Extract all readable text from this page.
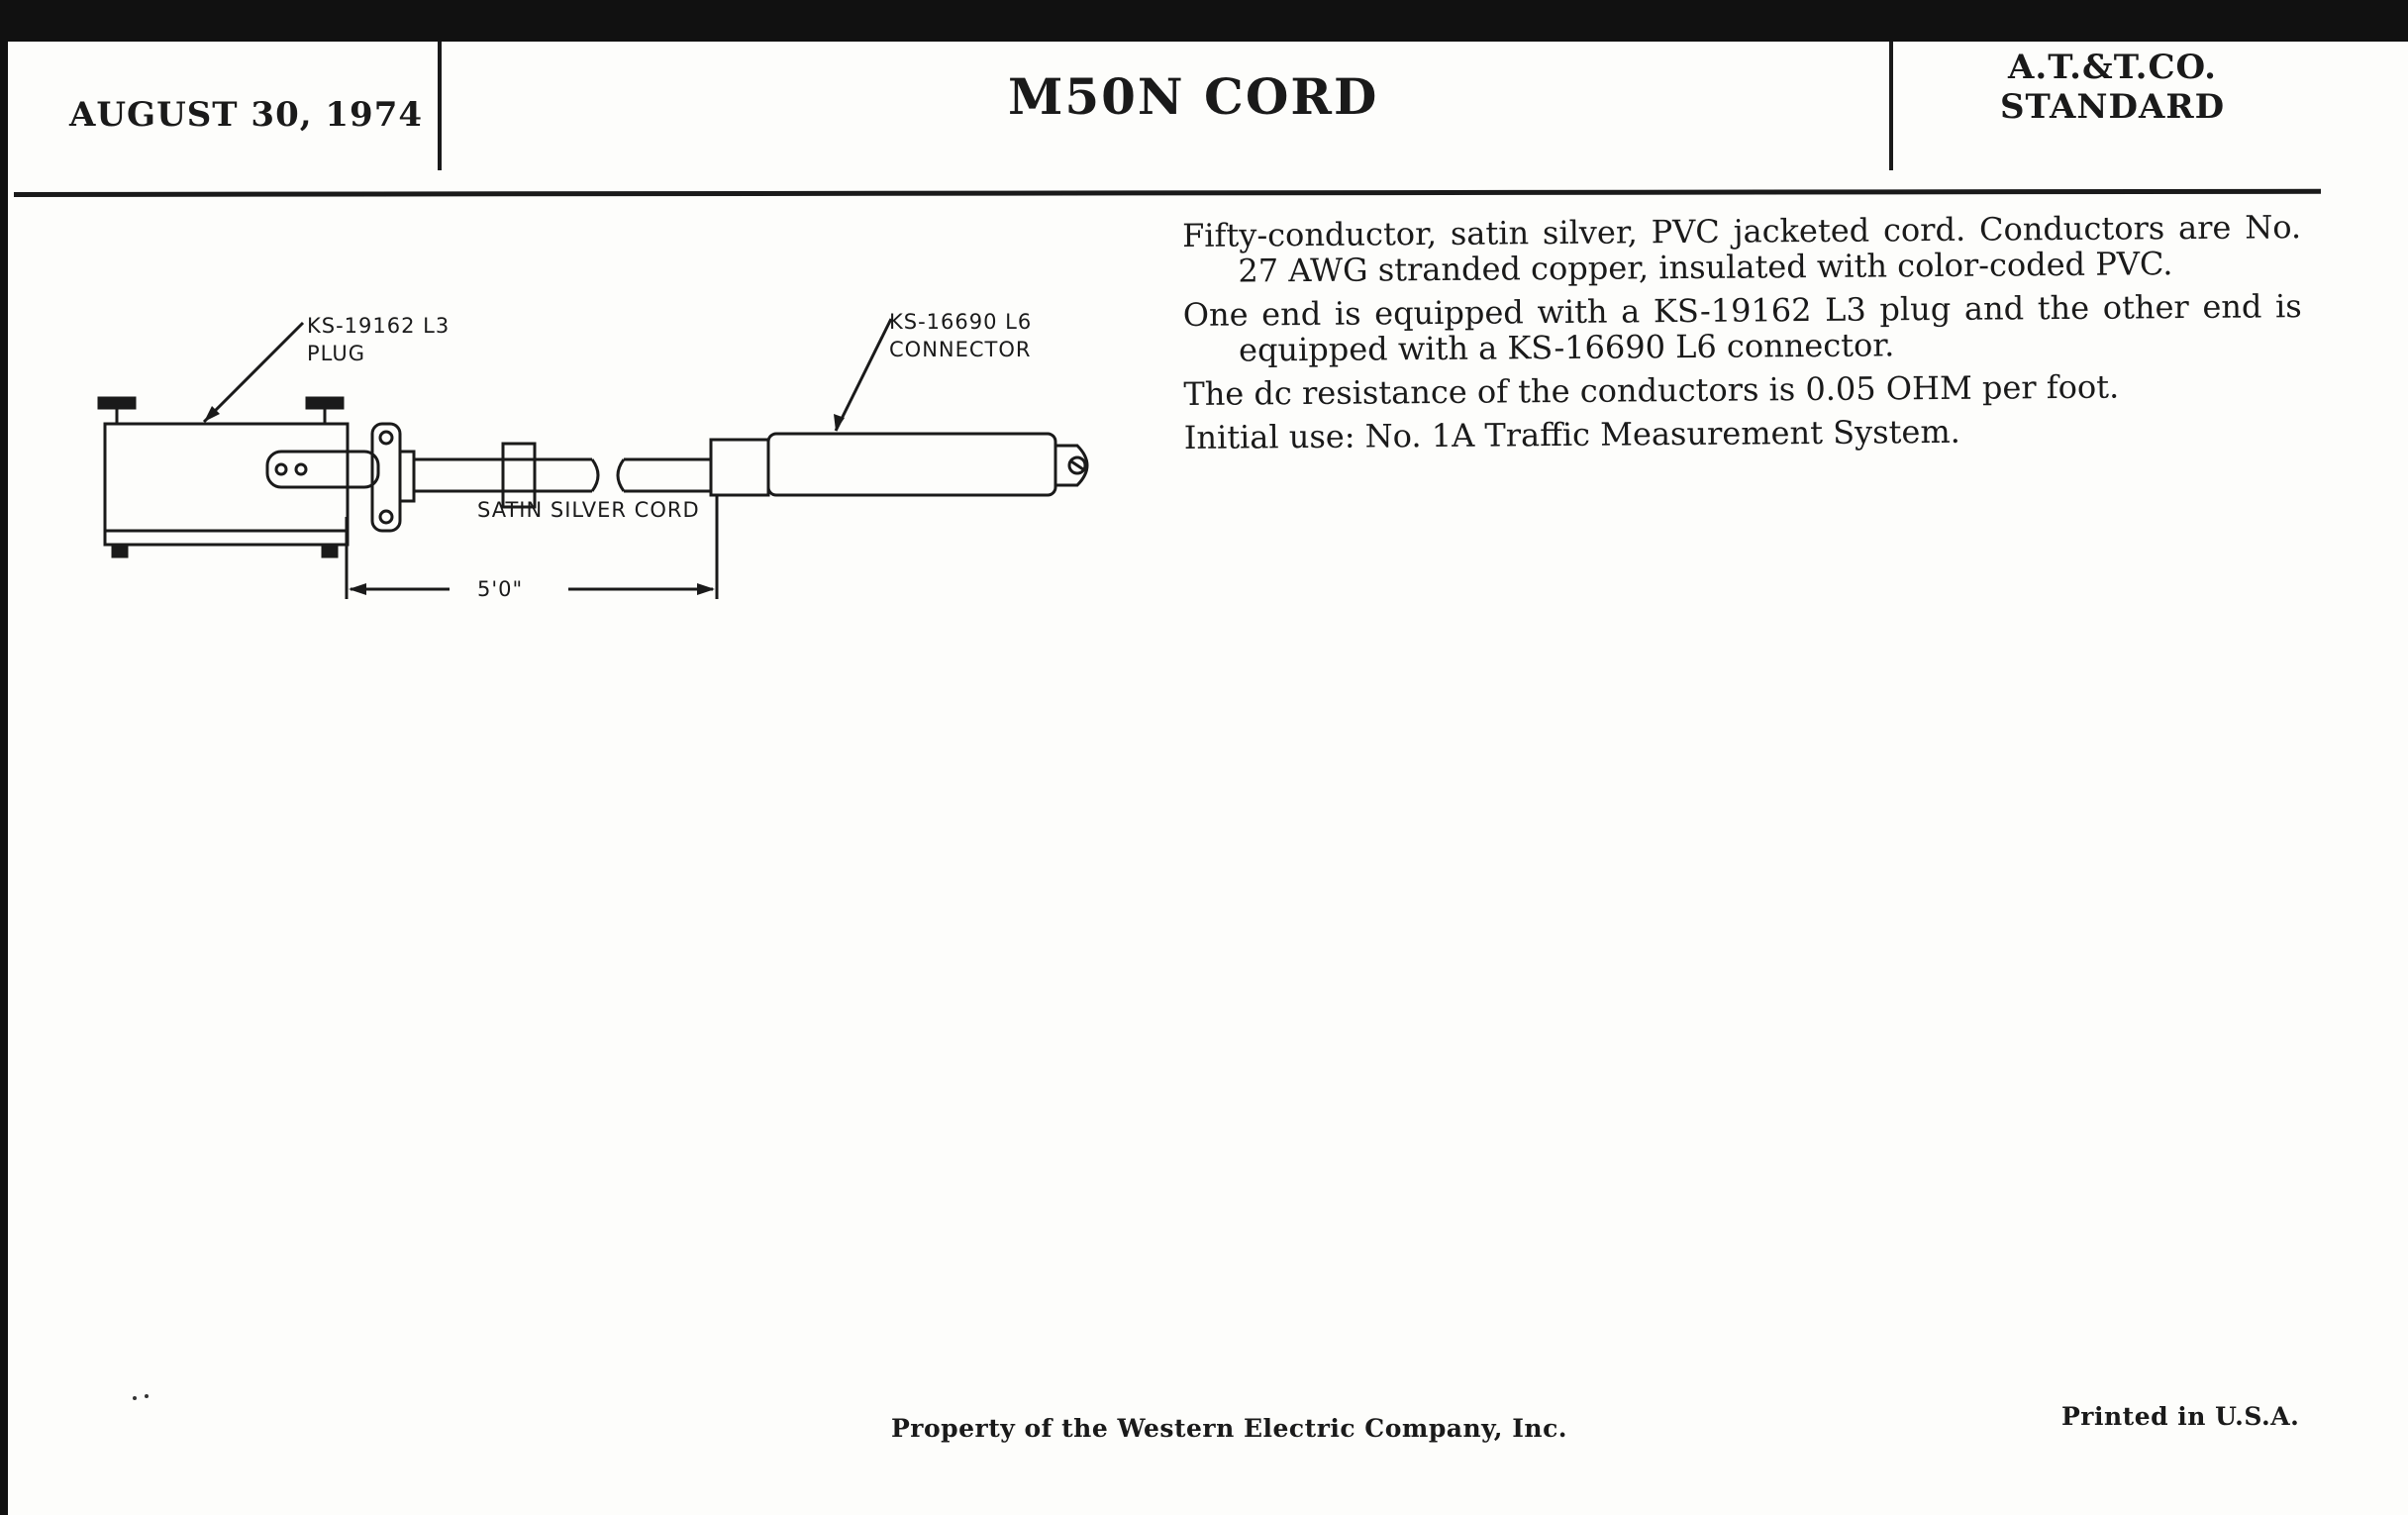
AUGUST 30, 1974	M50N CORD	A.T.&T.CO.
STANDARD
KS-19162 L3
PLUG
KS-16690 L6
CONNECTOR
SATIN SILVER CORD
5'0"

Fifty-conductor, satin silver, PVC jacketed cord. Conductors are No. 27 AWG stranded copper, insulated with color-coded PVC.

One end is equipped with a KS-19162 L3 plug and the other end is equipped with a KS-16690 L6 connector.

The dc resistance of the conductors is 0.05 OHM per foot.

Initial use: No. 1A Traffic Measurement System.

Property of the Western Electric Company, Inc.	Printed in U.S.A.
